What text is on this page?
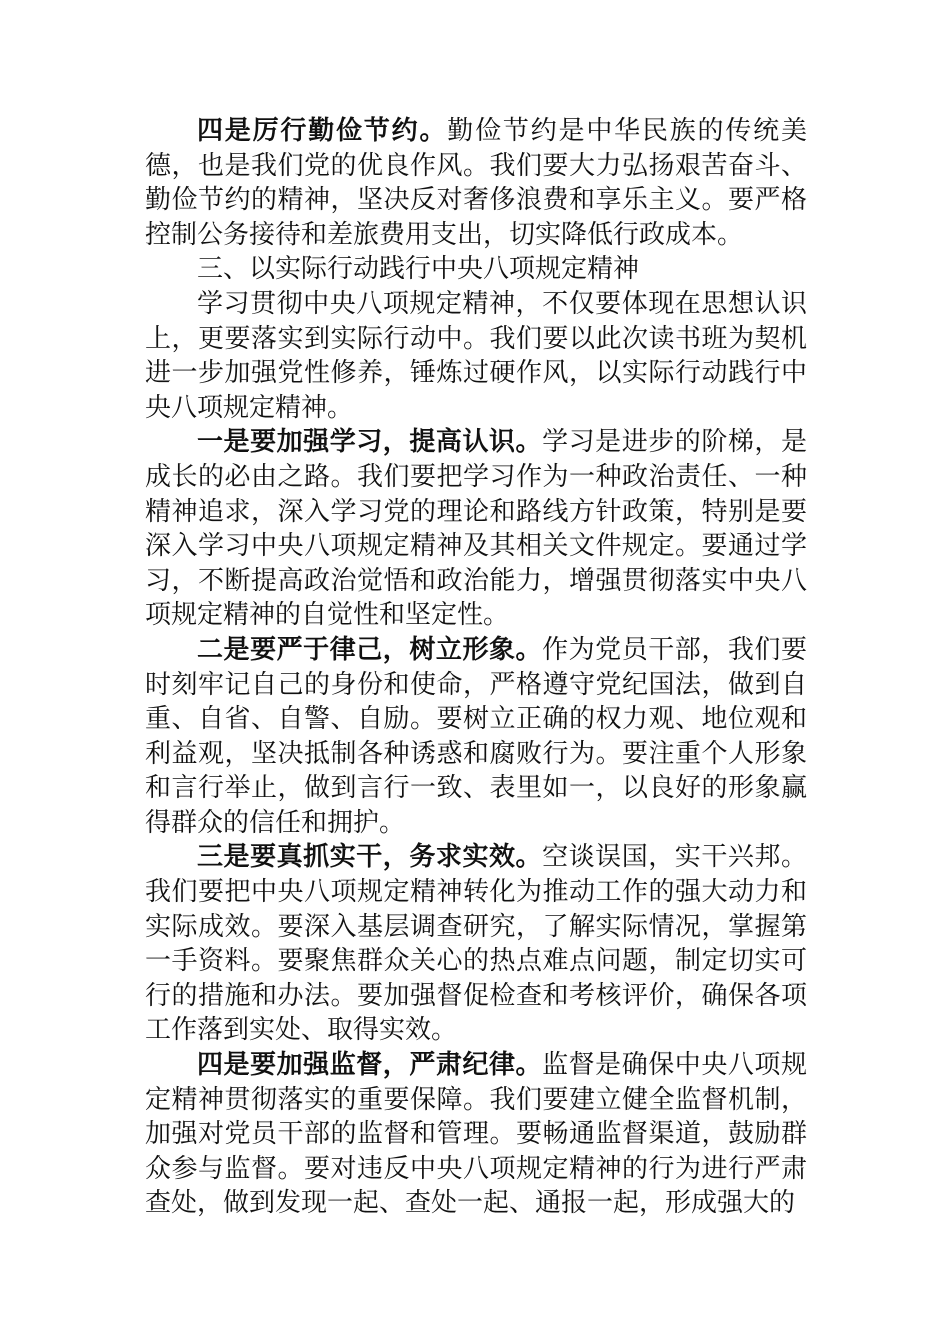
四是厉行勤俭节约。勤俭节约是中华民族的传统美德，也是我们党的优良作风。我们要大力弘扬艰苦奋斗、勤俭节约的精神，坚决反对奢侈浪费和享乐主义。要严格控制公务接待和差旅费用支出，切实降低行政成本。

三、以实际行动践行中央八项规定精神

学习贯彻中央八项规定精神，不仅要体现在思想认识上，更要落实到实际行动中。我们要以此次读书班为契机进一步加强党性修养，锤炼过硬作风，以实际行动践行中央八项规定精神。

一是要加强学习，提高认识。学习是进步的阶梯，是成长的必由之路。我们要把学习作为一种政治责任、一种精神追求，深入学习党的理论和路线方针政策，特别是要深入学习中央八项规定精神及其相关文件规定。要通过学习，不断提高政治觉悟和政治能力，增强贯彻落实中央八项规定精神的自觉性和坚定性。

二是要严于律己，树立形象。作为党员干部，我们要时刻牢记自己的身份和使命，严格遵守党纪国法，做到自重、自省、自警、自励。要树立正确的权力观、地位观和利益观，坚决抵制各种诱惑和腐败行为。要注重个人形象和言行举止，做到言行一致、表里如一，以良好的形象赢得群众的信任和拥护。

三是要真抓实干，务求实效。空谈误国，实干兴邦。我们要把中央八项规定精神转化为推动工作的强大动力和实际成效。要深入基层调查研究，了解实际情况，掌握第一手资料。要聚焦群众关心的热点难点问题，制定切实可行的措施和办法。要加强督促检查和考核评价，确保各项工作落到实处、取得实效。

四是要加强监督，严肃纪律。监督是确保中央八项规定精神贯彻落实的重要保障。我们要建立健全监督机制，加强对党员干部的监督和管理。要畅通监督渠道，鼓励群众参与监督。要对违反中央八项规定精神的行为进行严肃查处，做到发现一起、查处一起、通报一起，形成强大的
